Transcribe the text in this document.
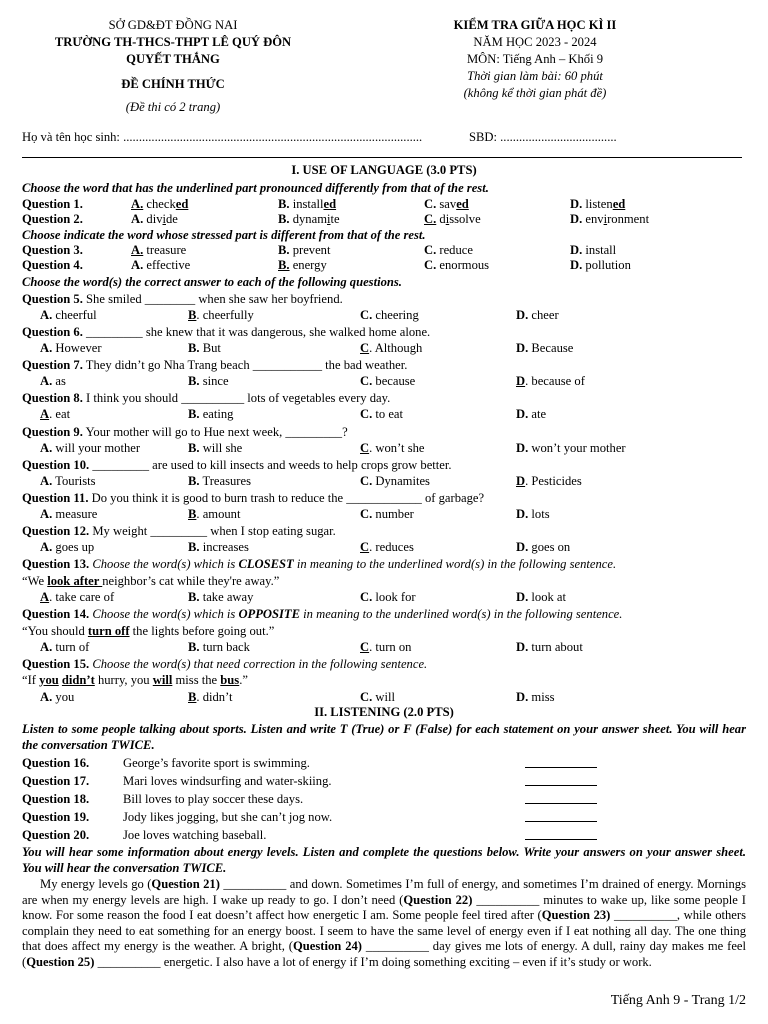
SỞ GD&ĐT ĐỒNG NAI
TRƯỜNG TH-THCS-THPT LÊ QUÝ ĐÔN
QUYẾT THẮNG
ĐỀ CHÍNH THỨC
(Đề thi có 2 trang)
KIỂM TRA GIỮA HỌC KÌ II
NĂM HỌC 2023 - 2024
MÔN: Tiếng Anh – Khối 9
Thời gian làm bài: 60 phút
(không kể thời gian phát đề)
Họ và tên học sinh: ...............................................................................................	SBD: .....................................
I. USE OF LANGUAGE (3.0 PTS)
Choose the word that has the underlined part pronounced differently from that of the rest.
Question 1.	A. checked	B. installed	C. saved	D. listened
Question 2.	A. divide	B. dynamite	C. dissolve	D. environment
Choose indicate the word whose stressed part is different from that of the rest.
Question 3.	A. treasure	B. prevent	C. reduce	D. install
Question 4.	A. effective	B. energy	C. enormous	D. pollution
Choose the word(s) the correct answer to each of the following questions.
Question 5. She smiled ________ when she saw her boyfriend.
A. cheerful	B. cheerfully	C. cheering	D. cheer
Question 6. _________ she knew that it was dangerous, she walked home alone.
A. However	B. But	C. Although	D. Because
Question 7. They didn’t go Nha Trang beach ___________ the bad weather.
A. as	B. since	C. because	D. because of
Question 8. I think you should __________ lots of vegetables every day.
A. eat	B. eating	C. to eat	D. ate
Question 9. Your mother will go to Hue next week, _________?
A. will your mother	B. will she	C. won’t she	D. won’t your mother
Question 10. _________ are used to kill insects and weeds to help crops grow better.
A. Tourists	B. Treasures	C. Dynamites	D. Pesticides
Question 11. Do you think it is good to burn trash to reduce the ____________ of garbage?
A. measure	B. amount	C. number	D. lots
Question 12. My weight _________ when I stop eating sugar.
A. goes up	B. increases	C. reduces	D. goes on
Question 13. Choose the word(s) which is CLOSEST in meaning to the underlined word(s) in the following sentence.
“We look after neighbor’s cat while they're away.”
A. take care of	B. take away	C. look for	D. look at
Question 14. Choose the word(s) which is OPPOSITE in meaning to the underlined word(s) in the following sentence.
“You should turn off the lights before going out.”
A. turn of	B. turn back	C. turn on	D. turn about
Question 15. Choose the word(s) that need correction in the following sentence.
“If you didn’t hurry, you will miss the bus.”
A. you	B. didn’t	C. will	D. miss
II. LISTENING (2.0 PTS)
Listen to some people talking about sports. Listen and write T (True) or F (False) for each statement on your answer sheet. You will hear the conversation TWICE.
Question 16.	George’s favorite sport is swimming.
Question 17.	Mari loves windsurfing and water-skiing.
Question 18.	Bill loves to play soccer these days.
Question 19.	Jody likes jogging, but she can’t jog now.
Question 20.	Joe loves watching baseball.
You will hear some information about energy levels. Listen and complete the questions below. Write your answers on your answer sheet. You will hear the conversation TWICE.
My energy levels go (Question 21) __________ and down. Sometimes I’m full of energy, and sometimes I’m drained of energy. Mornings are when my energy levels are high. I wake up ready to go. I don’t need (Question 22) __________ minutes to wake up, like some people I know. For some reason the food I eat doesn’t affect how energetic I am. Some people feel tired after (Question 23) __________, while others complain they need to eat something for an energy boost. I seem to have the same level of energy even if I eat nothing all day. The one thing that does affect my energy is the weather. A bright, (Question 24) __________ day gives me lots of energy. A dull, rainy day makes me feel (Question 25) __________ energetic. I also have a lot of energy if I’m doing something exciting – even if it’s study or work.
Tiếng Anh 9 - Trang 1/2
